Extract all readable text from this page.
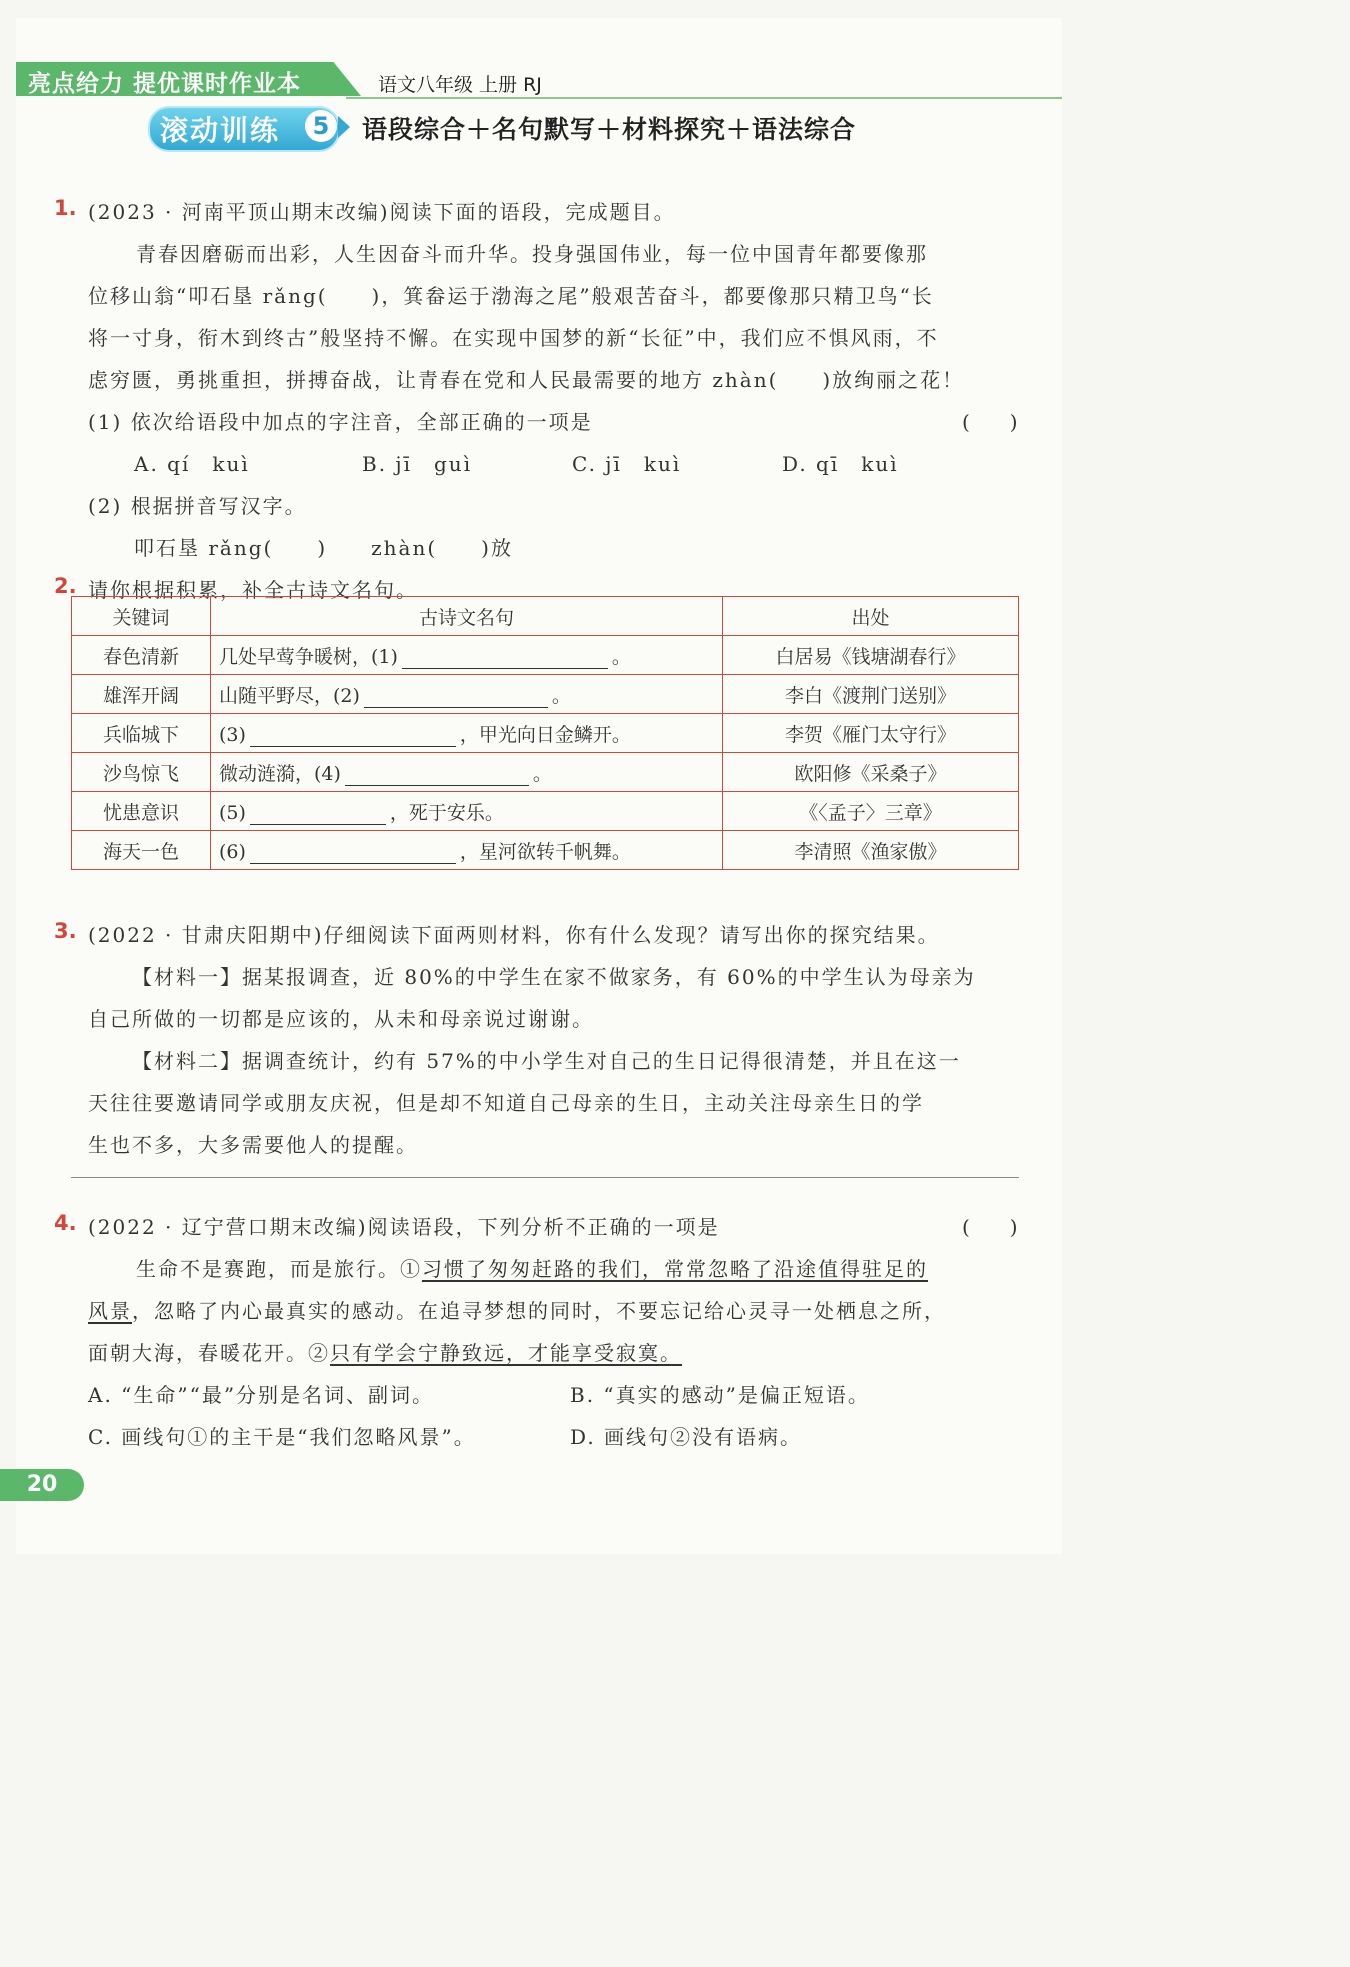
亮点给力 提优课时作业本	语文八年级 上册 RJ
滚动训练	5	语段综合＋名句默写＋材料探究＋语法综合
1. (2023 · 河南平顶山期末改编)阅读下面的语段，完成题目。
青春因磨砺而出彩，人生因奋斗而升华。投身强国伟业，每一位中国青年都要像那
位移山翁“叩石垦 rǎng(　　)，箕畚运于渤海之尾”般艰苦奋斗，都要像那只精卫鸟“长
将一寸身，衔木到终古”般坚持不懈。在实现中国梦的新“长征”中，我们应不惧风雨，不
虑穷匮，勇挑重担，拼搏奋战，让青春在党和人民最需要的地方 zhàn(　　)放绚丽之花！
(1) 依次给语段中加点的字注音，全部正确的一项是	(　　)
A. qí　kuì	B. jī　guì	C. jī　kuì	D. qī　kuì
(2) 根据拼音写汉字。
叩石垦 rǎng(　　)　　zhàn(　　)放
2. 请你根据积累，补全古诗文名句。
关键词	古诗文名句	出处
春色清新	几处早莺争暖树，(1) 。	白居易《钱塘湖春行》
雄浑开阔	山随平野尽，(2) 。	李白《渡荆门送别》
兵临城下	(3) ，甲光向日金鳞开。	李贺《雁门太守行》
沙鸟惊飞	微动涟漪，(4) 。	欧阳修《采桑子》
忧患意识	(5) ，死于安乐。	《〈孟子〉三章》
海天一色	(6) ，星河欲转千帆舞。	李清照《渔家傲》
3. (2022 · 甘肃庆阳期中)仔细阅读下面两则材料，你有什么发现？请写出你的探究结果。
【材料一】据某报调查，近 80%的中学生在家不做家务，有 60%的中学生认为母亲为
自己所做的一切都是应该的，从未和母亲说过谢谢。
【材料二】据调查统计，约有 57%的中小学生对自己的生日记得很清楚，并且在这一
天往往要邀请同学或朋友庆祝，但是却不知道自己母亲的生日，主动关注母亲生日的学
生也不多，大多需要他人的提醒。
4. (2022 · 辽宁营口期末改编)阅读语段，下列分析不正确的一项是	(　　)
生命不是赛跑，而是旅行。①习惯了匆匆赶路的我们，常常忽略了沿途值得驻足的
风景，忽略了内心最真实的感动。在追寻梦想的同时，不要忘记给心灵寻一处栖息之所，
面朝大海，春暖花开。②只有学会宁静致远，才能享受寂寞。
A. “生命”“最”分别是名词、副词。	B. “真实的感动”是偏正短语。
C. 画线句①的主干是“我们忽略风景”。	D. 画线句②没有语病。
20
